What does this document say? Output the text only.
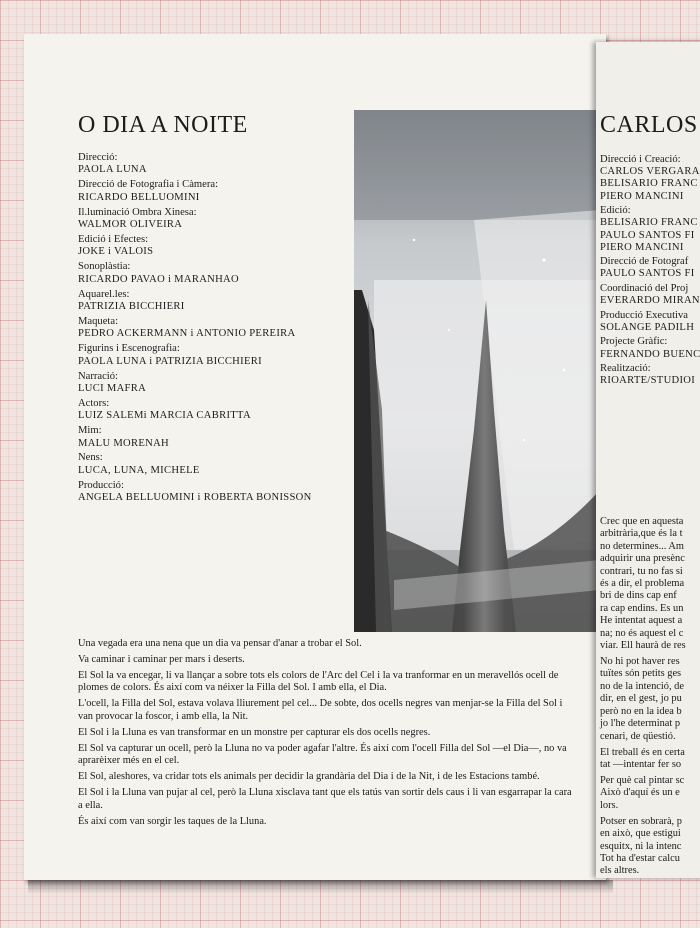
O DIA A NOITE
Direcció:
PAOLA LUNA
Direcció de Fotografia i Càmera:
RICARDO BELLUOMINI
Il.luminació Ombra Xinesa:
WALMOR OLIVEIRA
Edició i Efectes:
JOKE i VALOIS
Sonoplàstia:
RICARDO PAVAO i MARANHAO
Aquarel.les:
PATRIZIA BICCHIERI
Maqueta:
PEDRO ACKERMANN i ANTONIO PEREIRA
Figurins i Escenografia:
PAOLA LUNA i PATRIZIA BICCHIERI
Narració:
LUCI MAFRA
Actors:
LUIZ SALEMi MARCIA CABRITTA
Mim:
MALU MORENAH
Nens:
LUCA, LUNA, MICHELE
Producció:
ANGELA BELLUOMINI i ROBERTA BONISSON

Una vegada era una nena que un dia va pensar d'anar a trobar el Sol.

Va caminar i caminar per mars i deserts.

El Sol la va encegar, li va llançar a sobre tots els colors de l'Arc del Cel i la va tranformar en un meravellós ocell de plomes de colors. És així com va néixer la Filla del Sol. I amb ella, el Dia.

L'ocell, la Filla del Sol, estava volava lliurement pel cel... De sobte, dos ocells negres van menjar-se la Filla del Sol i van provocar la foscor, i amb ella, la Nit.

El Sol i la Lluna es van transformar en un monstre per capturar els dos ocells negres.

El Sol va capturar un ocell, però la Lluna no va poder agafar l'altre. És així com l'ocell Filla del Sol —el Dia—, no va aprarèixer més en el cel.

El Sol, aleshores, va cridar tots els animals per decidir la grandària del Dia i de la Nit, i de les Estacions també.

El Sol i la Lluna van pujar al cel, però la Lluna xisclava tant que els tatús van sortir dels caus i li van esgarrapar la cara a ella.

És així com van sorgir les taques de la Lluna.

CARLOS
Direcció i Creació:
CARLOS VERGARA
BELISARIO FRANC
PIERO MANCINI
Edició:
BELISARIO FRANC
PAULO SANTOS FI
PIERO MANCINI
Direcció de Fotograf
PAULO SANTOS FI
Coordinació del Proj
EVERARDO MIRAN
Producció Executiva
SOLANGE PADILH
Projecte Gràfic:
FERNANDO BUENC
Realització:
RIOARTE/STUDIOI

Crec que en aquesta
arbitrària,que és la t
no determines... Am
adquirir una presènc
contrari, tu no fas si
és a dir, el problema
bri de dins cap enf
ra cap endins. Es un
He intentat aquest a
na; no és aquest el c
viar. Ell haurà de res

No hi pot haver res
tuïtes són petits ges
no de la intenció, de
dir, en el gest, jo pu
però no en la idea b
jo l'he determinat p
cenari, de qüestió.

El treball és en certa
tat —intentar fer so

Per què cal pintar sc
Això d'aquí és un e
lors.

Potser en sobrarà, p
en això, que estigui
esquitx, ni la intenc
Tot ha d'estar calcu
els altres.
